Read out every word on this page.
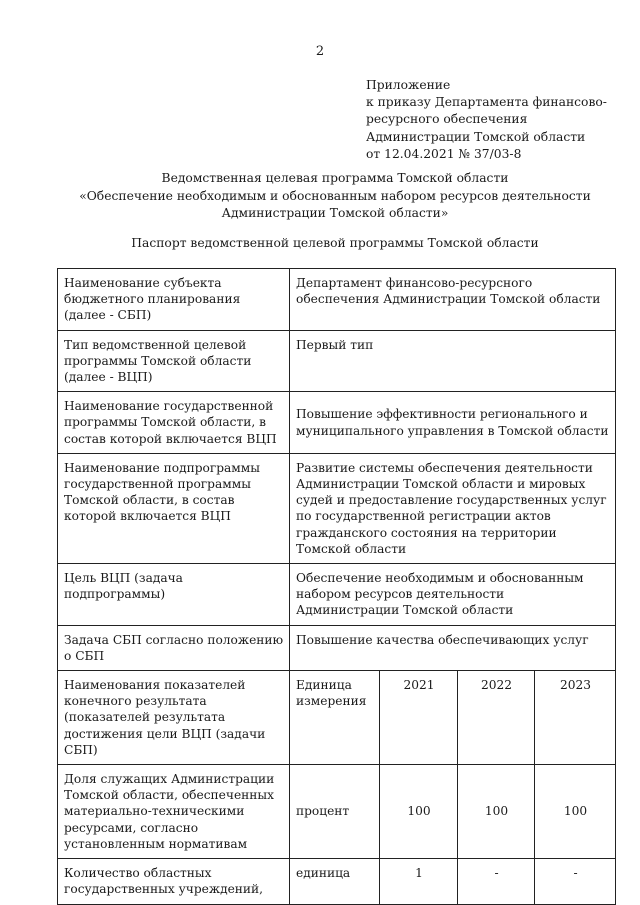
2
Приложение
к приказу Департамента финансово-
ресурсного обеспечения
Администрации Томской области
от 12.04.2021 № 37/03-8
Ведомственная целевая программа Томской области
«Обеспечение необходимым и обоснованным набором ресурсов деятельности
Администрации Томской области»
Паспорт ведомственной целевой программы Томской области
Наименование субъекта бюджетного планирования (далее - СБП)	Департамент финансово-ресурсного обеспечения Администрации Томской области			
Тип ведомственной целевой программы Томской области (далее - ВЦП)	Первый тип			
Наименование государственной программы Томской области, в состав которой включается ВЦП	Повышение эффективности регионального и муниципального управления в Томской области			
Наименование подпрограммы государственной программы Томской области, в состав которой включается ВЦП	Развитие системы обеспечения деятельности Администрации Томской области и мировых судей и предоставление государственных услуг по государственной регистрации актов гражданского состояния на территории Томской области			
Цель ВЦП (задача подпрограммы)	Обеспечение необходимым и обоснованным набором ресурсов деятельности Администрации Томской области			
Задача СБП согласно положению о СБП	Повышение качества обеспечивающих услуг			
Наименования показателей конечного результата (показателей результата достижения цели ВЦП (задачи СБП)	Единица измерения	2021	2022	2023
Доля служащих Администрации Томской области, обеспеченных материально-техническими ресурсами, согласно установленным нормативам	процент	100	100	100
Количество областных государственных учреждений,	единица	1	-	-
